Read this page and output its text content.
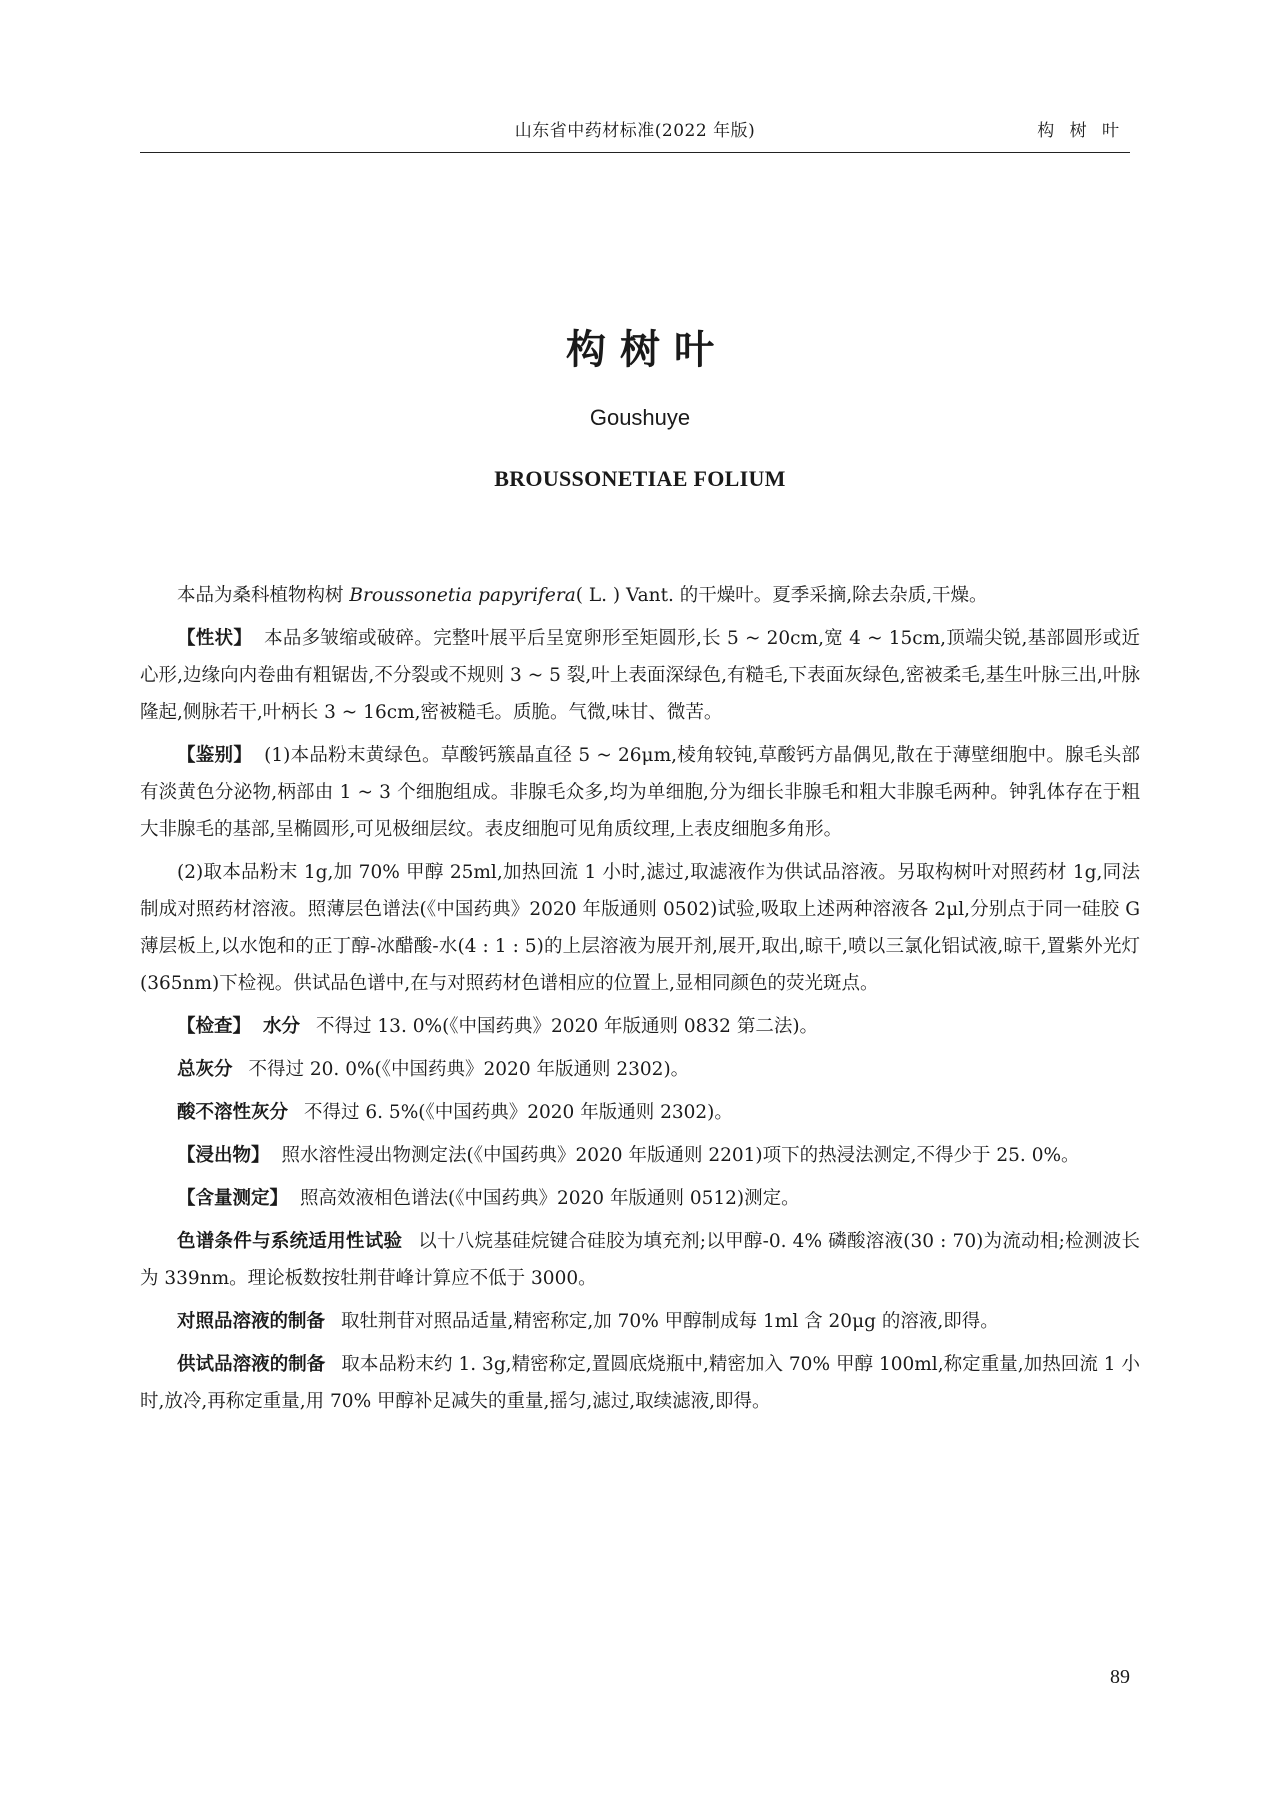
山东省中药材标准(2022 年版)	构 树 叶
构树叶
Goushuye
BROUSSONETIAE FOLIUM

本品为桑科植物构树 Broussonetia papyrifera( L. ) Vant. 的干燥叶。夏季采摘,除去杂质,干燥。

【性状】 本品多皱缩或破碎。完整叶展平后呈宽卵形至矩圆形,长 5 ~ 20cm,宽 4 ~ 15cm,顶端尖锐,基部圆形或近心形,边缘向内卷曲有粗锯齿,不分裂或不规则 3 ~ 5 裂,叶上表面深绿色,有糙毛,下表面灰绿色,密被柔毛,基生叶脉三出,叶脉隆起,侧脉若干,叶柄长 3 ~ 16cm,密被糙毛。质脆。气微,味甘、微苦。

【鉴别】 (1)本品粉末黄绿色。草酸钙簇晶直径 5 ~ 26μm,棱角较钝,草酸钙方晶偶见,散在于薄壁细胞中。腺毛头部有淡黄色分泌物,柄部由 1 ~ 3 个细胞组成。非腺毛众多,均为单细胞,分为细长非腺毛和粗大非腺毛两种。钟乳体存在于粗大非腺毛的基部,呈椭圆形,可见极细层纹。表皮细胞可见角质纹理,上表皮细胞多角形。

(2)取本品粉末 1g,加 70% 甲醇 25ml,加热回流 1 小时,滤过,取滤液作为供试品溶液。另取构树叶对照药材 1g,同法制成对照药材溶液。照薄层色谱法(《中国药典》2020 年版通则 0502)试验,吸取上述两种溶液各 2μl,分别点于同一硅胶 G 薄层板上,以水饱和的正丁醇-冰醋酸-水(4 : 1 : 5)的上层溶液为展开剂,展开,取出,晾干,喷以三氯化铝试液,晾干,置紫外光灯(365nm)下检视。供试品色谱中,在与对照药材色谱相应的位置上,显相同颜色的荧光斑点。

【检查】 水分 不得过 13. 0%(《中国药典》2020 年版通则 0832 第二法)。

总灰分 不得过 20. 0%(《中国药典》2020 年版通则 2302)。

酸不溶性灰分 不得过 6. 5%(《中国药典》2020 年版通则 2302)。

【浸出物】 照水溶性浸出物测定法(《中国药典》2020 年版通则 2201)项下的热浸法测定,不得少于 25. 0%。

【含量测定】 照高效液相色谱法(《中国药典》2020 年版通则 0512)测定。

色谱条件与系统适用性试验 以十八烷基硅烷键合硅胶为填充剂;以甲醇-0. 4% 磷酸溶液(30 : 70)为流动相;检测波长为 339nm。理论板数按牡荆苷峰计算应不低于 3000。

对照品溶液的制备 取牡荆苷对照品适量,精密称定,加 70% 甲醇制成每 1ml 含 20μg 的溶液,即得。

供试品溶液的制备 取本品粉末约 1. 3g,精密称定,置圆底烧瓶中,精密加入 70% 甲醇 100ml,称定重量,加热回流 1 小时,放冷,再称定重量,用 70% 甲醇补足减失的重量,摇匀,滤过,取续滤液,即得。

89
